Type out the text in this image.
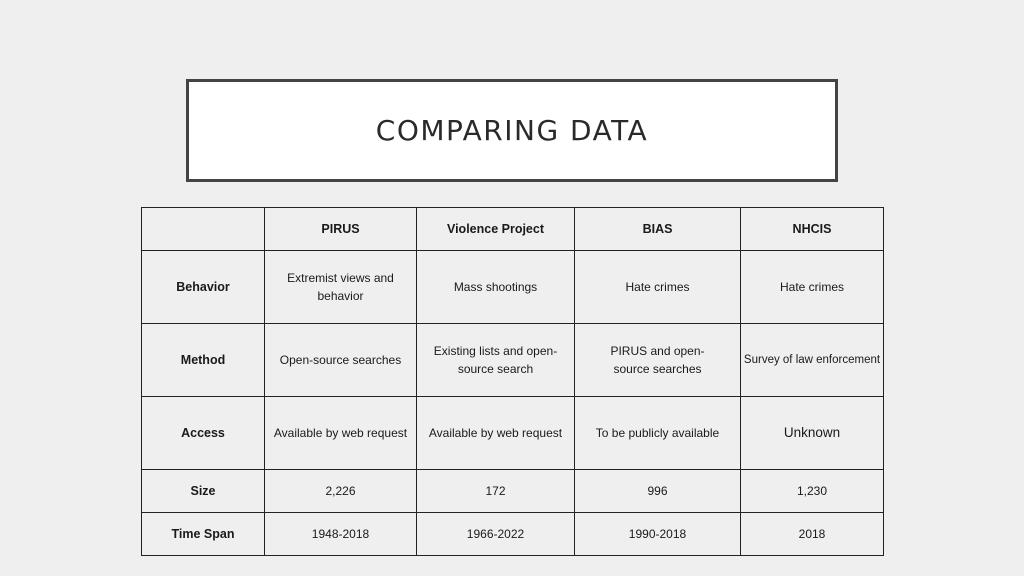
COMPARING DATA
	PIRUS	Violence Project	BIAS	NHCIS
Behavior	Extremist views and behavior	Mass shootings	Hate crimes	Hate crimes
Method	Open-source searches	Existing lists and open-source search	PIRUS and open-source searches	Survey of law enforcement
Access	Available by web request	Available by web request	To be publicly available	Unknown
Size	2,226	172	996	1,230
Time Span	1948-2018	1966-2022	1990-2018	2018
